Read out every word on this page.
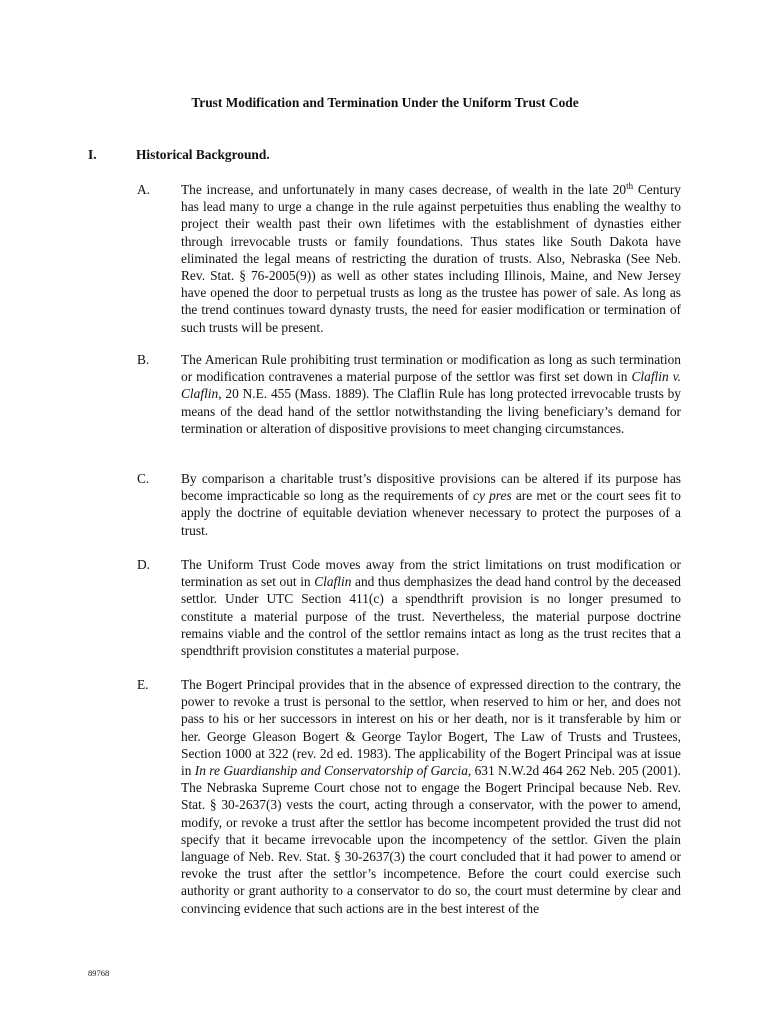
Trust Modification and Termination Under the Uniform Trust Code
I.	Historical Background.
A. The increase, and unfortunately in many cases decrease, of wealth in the late 20th Century has lead many to urge a change in the rule against perpetuities thus enabling the wealthy to project their wealth past their own lifetimes with the establishment of dynasties either through irrevocable trusts or family foundations. Thus states like South Dakota have eliminated the legal means of restricting the duration of trusts. Also, Nebraska (See Neb. Rev. Stat. § 76-2005(9)) as well as other states including Illinois, Maine, and New Jersey have opened the door to perpetual trusts as long as the trustee has power of sale. As long as the trend continues toward dynasty trusts, the need for easier modification or termination of such trusts will be present.
B. The American Rule prohibiting trust termination or modification as long as such termination or modification contravenes a material purpose of the settlor was first set down in Claflin v. Claflin, 20 N.E. 455 (Mass. 1889). The Claflin Rule has long protected irrevocable trusts by means of the dead hand of the settlor notwithstanding the living beneficiary’s demand for termination or alteration of dispositive provisions to meet changing circumstances.
C. By comparison a charitable trust’s dispositive provisions can be altered if its purpose has become impracticable so long as the requirements of cy pres are met or the court sees fit to apply the doctrine of equitable deviation whenever necessary to protect the purposes of a trust.
D. The Uniform Trust Code moves away from the strict limitations on trust modification or termination as set out in Claflin and thus demphasizes the dead hand control by the deceased settlor. Under UTC Section 411(c) a spendthrift provision is no longer presumed to constitute a material purpose of the trust. Nevertheless, the material purpose doctrine remains viable and the control of the settlor remains intact as long as the trust recites that a spendthrift provision constitutes a material purpose.
E. The Bogert Principal provides that in the absence of expressed direction to the contrary, the power to revoke a trust is personal to the settlor, when reserved to him or her, and does not pass to his or her successors in interest on his or her death, nor is it transferable by him or her. George Gleason Bogert & George Taylor Bogert, The Law of Trusts and Trustees, Section 1000 at 322 (rev. 2d ed. 1983). The applicability of the Bogert Principal was at issue in In re Guardianship and Conservatorship of Garcia, 631 N.W.2d 464 262 Neb. 205 (2001). The Nebraska Supreme Court chose not to engage the Bogert Principal because Neb. Rev. Stat. § 30-2637(3) vests the court, acting through a conservator, with the power to amend, modify, or revoke a trust after the settlor has become incompetent provided the trust did not specify that it became irrevocable upon the incompetency of the settlor. Given the plain language of Neb. Rev. Stat. § 30-2637(3) the court concluded that it had power to amend or revoke the trust after the settlor’s incompetence. Before the court could exercise such authority or grant authority to a conservator to do so, the court must determine by clear and convincing evidence that such actions are in the best interest of the
89768
